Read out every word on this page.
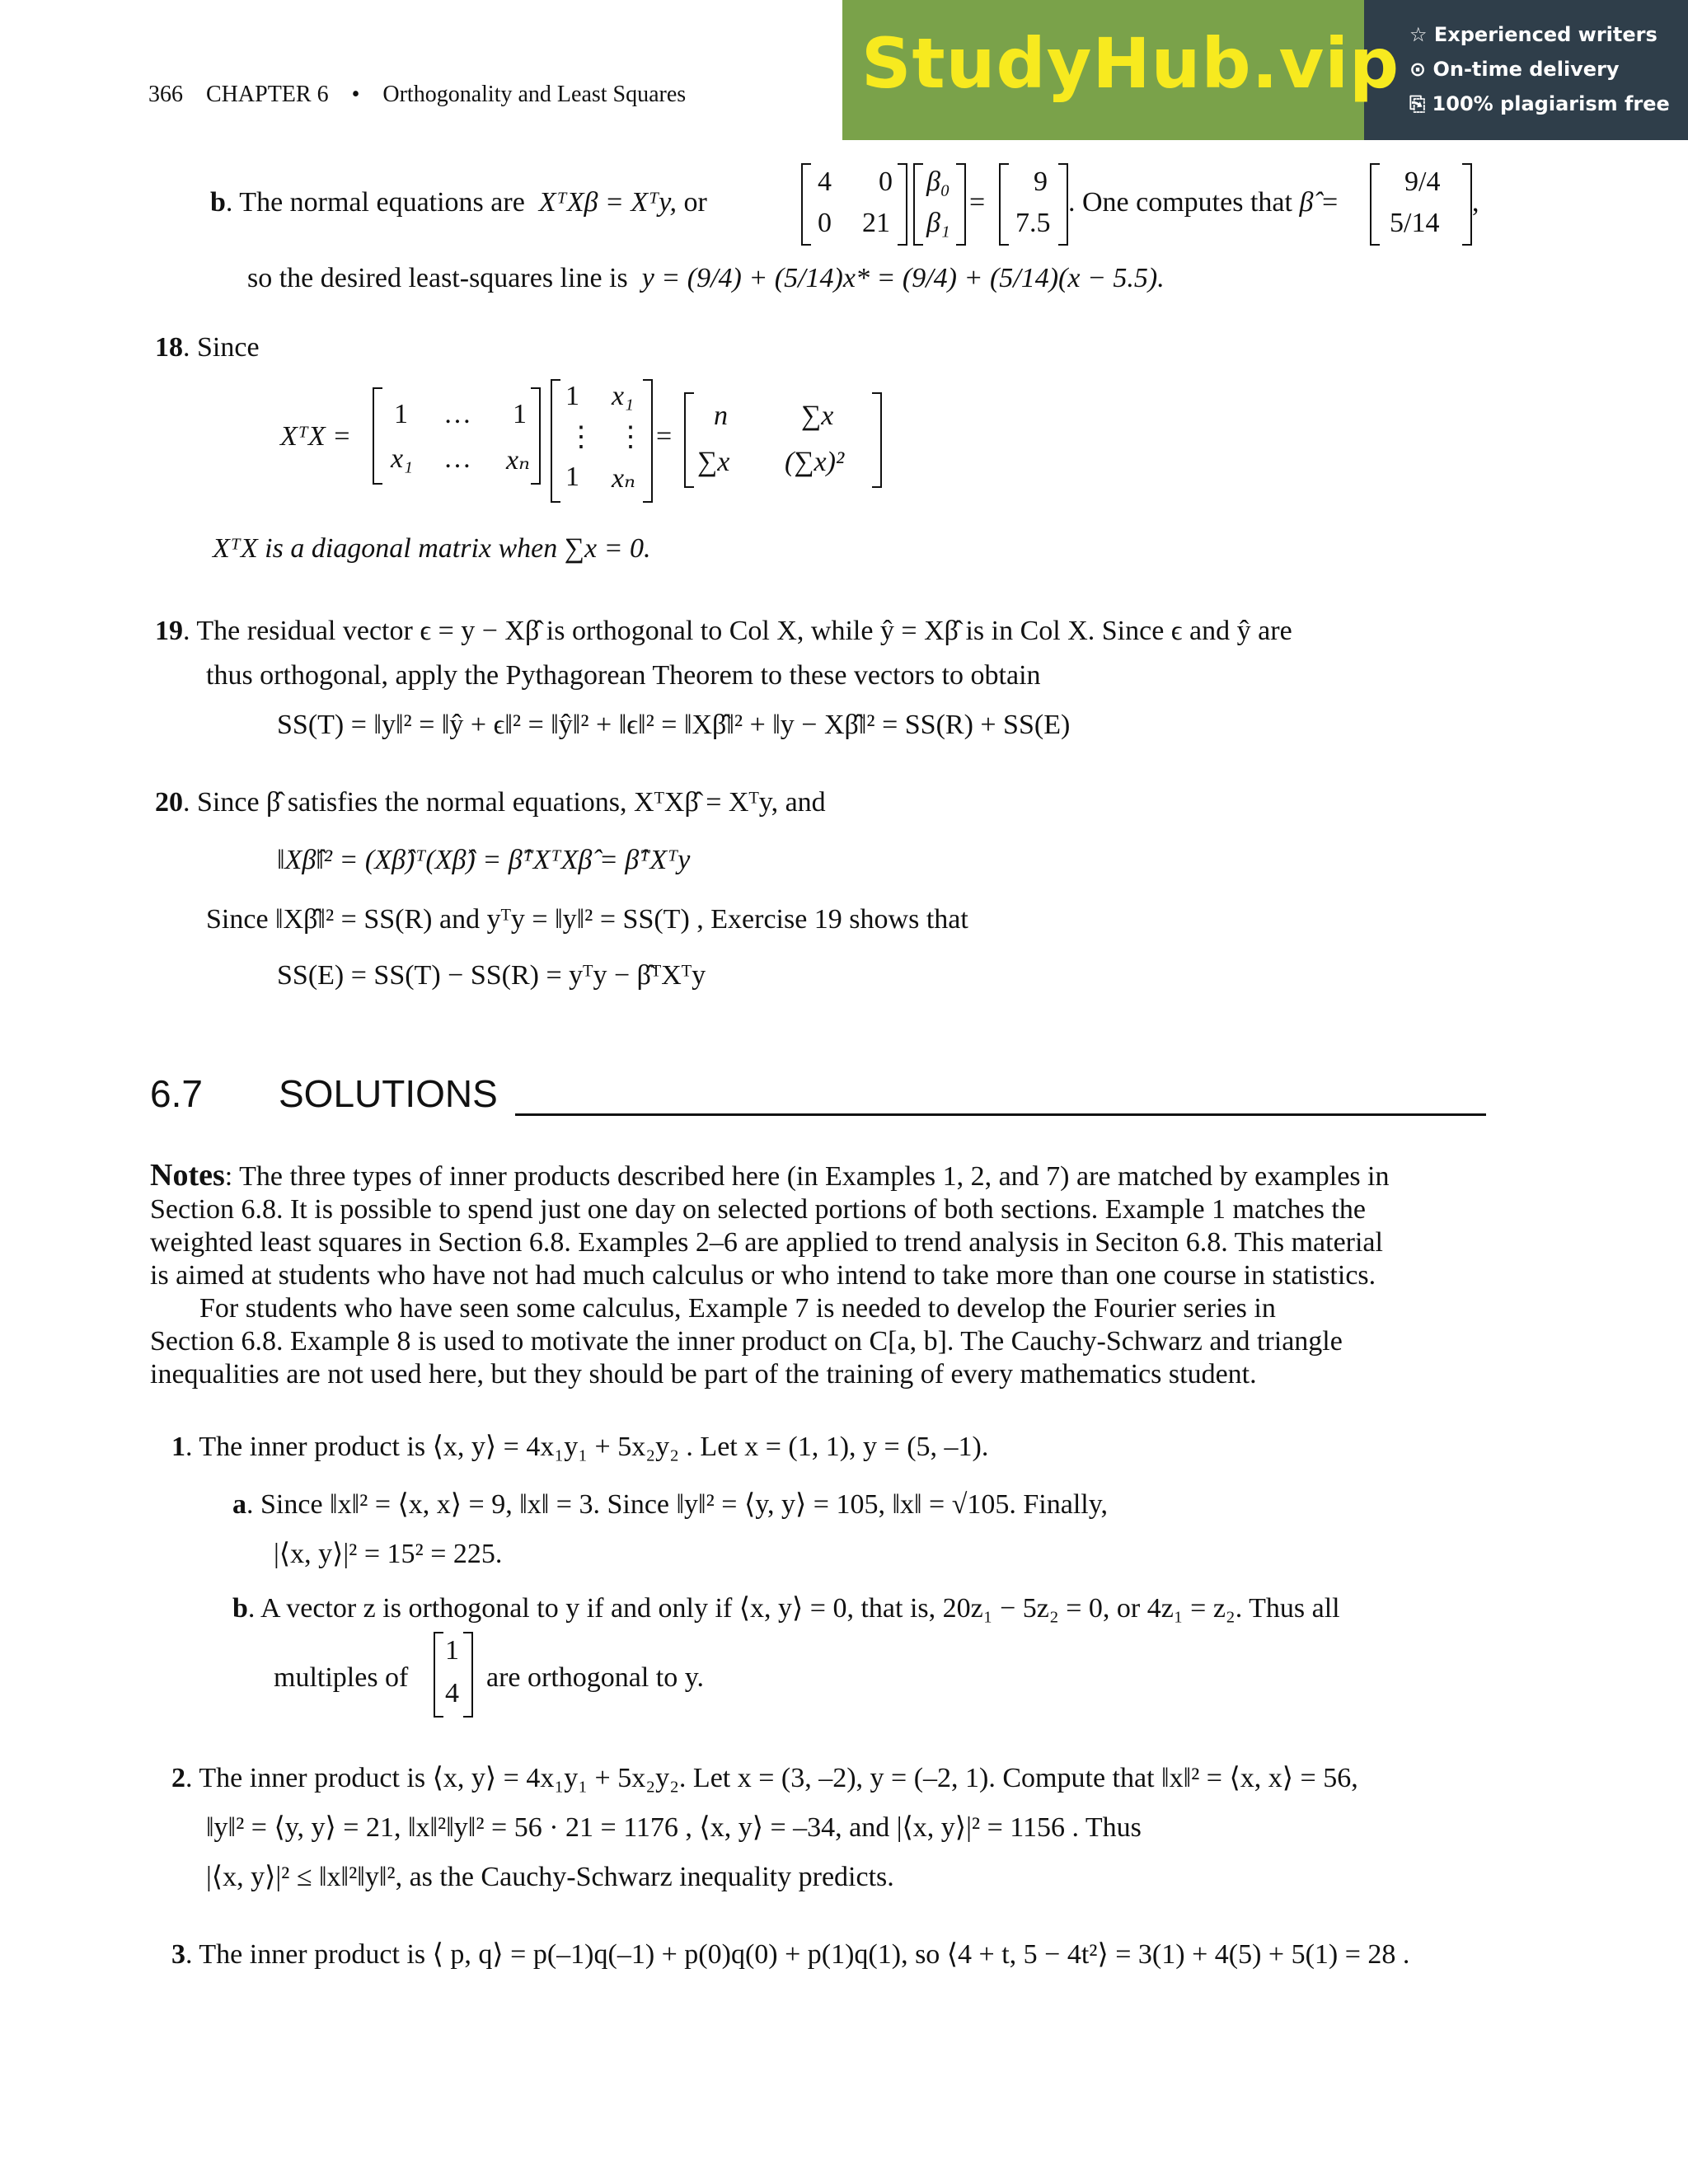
StudyHub.vip ☆ Experienced writers
⊙ On-time delivery
⎘ 100% plagiarism free
366 CHAPTER 6 • Orthogonality and Least Squares
b. The normal equations are XᵀXβ = Xᵀy, or
4 0
0 21
β₀
β₁
=
9
7.5
. One computes that β̂ =
9/4
5/14
,
so the desired least-squares line is y = (9/4) + (5/14)x* = (9/4) + (5/14)(x − 5.5).
18. Since
XᵀX =
1 … 1
x₁ … xₙ
1 x₁
⋮ ⋮
1 xₙ
=
n	∑x
∑x (∑x)²
XᵀX is a diagonal matrix when ∑x = 0.
19. The residual vector ϵ = y − Xβ̂ is orthogonal to Col X, while ŷ = Xβ̂ is in Col X. Since ϵ and ŷ are
thus orthogonal, apply the Pythagorean Theorem to these vectors to obtain
SS(T) = ‖y‖² = ‖ŷ + ϵ‖² = ‖ŷ‖² + ‖ϵ‖² = ‖Xβ̂‖² + ‖y − Xβ̂‖² = SS(R) + SS(E)
20. Since β̂ satisfies the normal equations, XᵀXβ̂ = Xᵀy, and
‖Xβ̂‖² = (Xβ̂)ᵀ(Xβ̂) = β̂ᵀXᵀXβ̂ = β̂ᵀXᵀy
Since ‖Xβ̂‖² = SS(R) and yᵀy = ‖y‖² = SS(T) , Exercise 19 shows that
SS(E) = SS(T) − SS(R) = yᵀy − β̂ᵀXᵀy
6.7 SOLUTIONS
Notes: The three types of inner products described here (in Examples 1, 2, and 7) are matched by examples in
Section 6.8. It is possible to spend just one day on selected portions of both sections. Example 1 matches the
weighted least squares in Section 6.8. Examples 2–6 are applied to trend analysis in Seciton 6.8. This material
is aimed at students who have not had much calculus or who intend to take more than one course in statistics.
For students who have seen some calculus, Example 7 is needed to develop the Fourier series in
Section 6.8. Example 8 is used to motivate the inner product on C[a, b]. The Cauchy-Schwarz and triangle
inequalities are not used here, but they should be part of the training of every mathematics student.
1. The inner product is ⟨x, y⟩ = 4x₁y₁ + 5x₂y₂ . Let x = (1, 1), y = (5, –1).
a. Since ‖x‖² = ⟨x, x⟩ = 9, ‖x‖ = 3. Since ‖y‖² = ⟨y, y⟩ = 105, ‖x‖ = √105. Finally,
|⟨x, y⟩|² = 15² = 225.
b. A vector z is orthogonal to y if and only if ⟨x, y⟩ = 0, that is, 20z₁ − 5z₂ = 0, or 4z₁ = z₂. Thus all
multiples of
1
4
are orthogonal to y.
2. The inner product is ⟨x, y⟩ = 4x₁y₁ + 5x₂y₂. Let x = (3, –2), y = (–2, 1). Compute that ‖x‖² = ⟨x, x⟩ = 56,
‖y‖² = ⟨y, y⟩ = 21, ‖x‖²‖y‖² = 56 · 21 = 1176 , ⟨x, y⟩ = –34, and |⟨x, y⟩|² = 1156 . Thus
|⟨x, y⟩|² ≤ ‖x‖²‖y‖², as the Cauchy-Schwarz inequality predicts.
3. The inner product is ⟨ p, q⟩ = p(–1)q(–1) + p(0)q(0) + p(1)q(1), so ⟨4 + t, 5 − 4t²⟩ = 3(1) + 4(5) + 5(1) = 28 .
